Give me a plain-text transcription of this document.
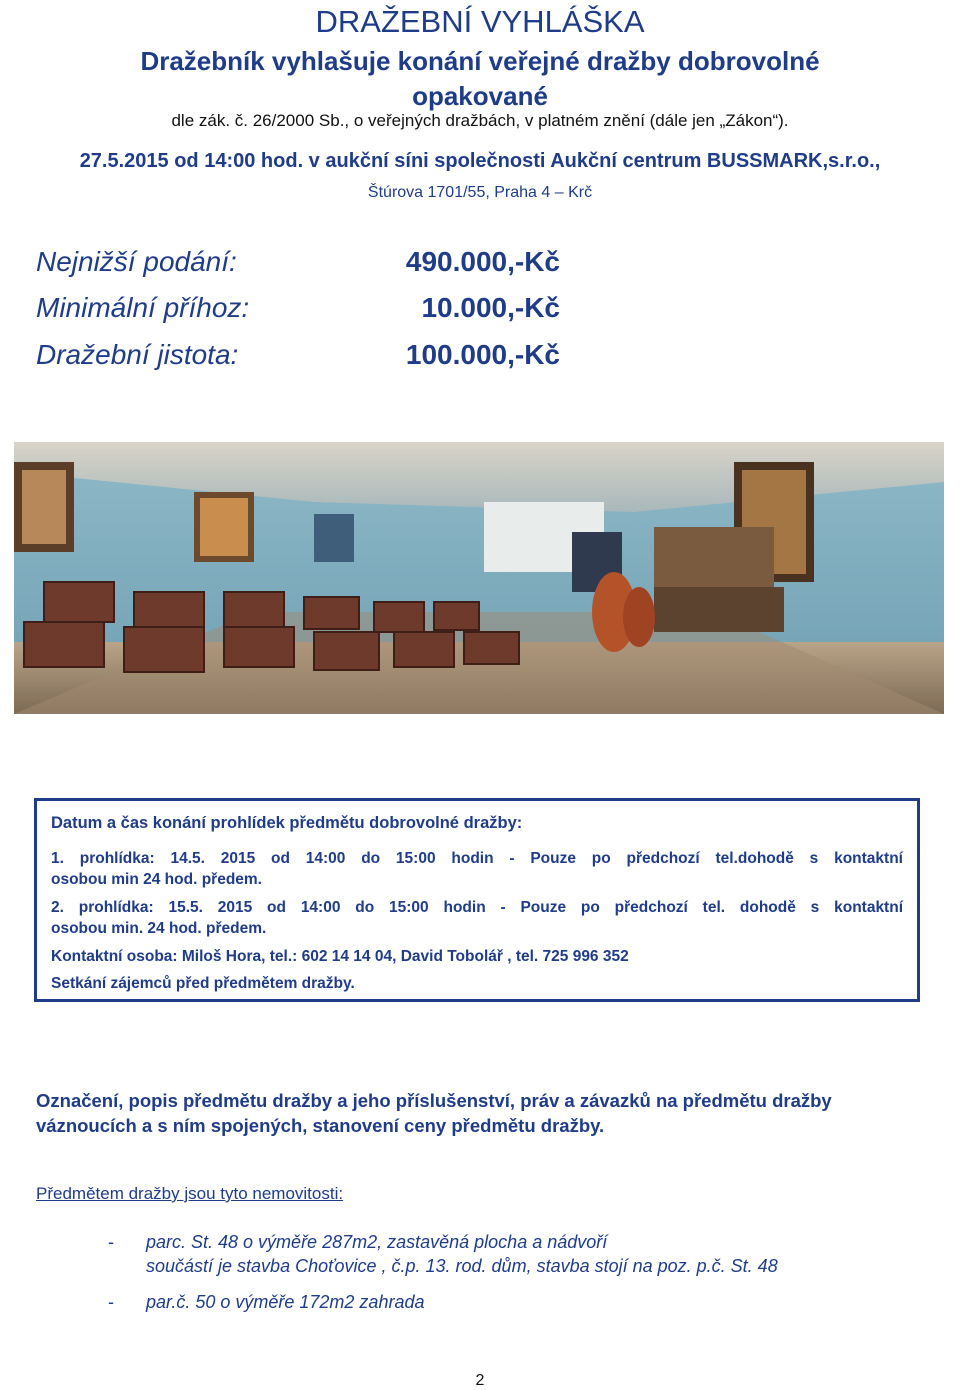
DRAŽEBNÍ VYHLÁŠKA
Dražebník vyhlašuje konání veřejné dražby dobrovolné
opakované
dle zák. č. 26/2000 Sb., o veřejných dražbách, v platném znění (dále jen „Zákon“).
27.5.2015 od 14:00 hod. v aukční síni společnosti Aukční centrum BUSSMARK,s.r.o.,
Štúrova 1701/55, Praha 4 – Krč
Nejnižší podání:	490.000,-Kč
Minimální příhoz:	10.000,-Kč
Dražební jistota:	100.000,-Kč
Datum a čas konání prohlídek předmětu dobrovolné dražby:
1. prohlídka: 14.5. 2015 od 14:00 do 15:00 hodin - Pouze po předchozí tel.dohodě s kontaktní
osobou min 24 hod. předem.
2. prohlídka: 15.5. 2015 od 14:00 do 15:00 hodin - Pouze po předchozí tel. dohodě s kontaktní
osobou min. 24 hod. předem.
Kontaktní osoba: Miloš Hora, tel.: 602 14 14 04, David Tobolář , tel. 725 996 352
Setkání zájemců před předmětem dražby.
Označení, popis předmětu dražby a jeho příslušenství, práv a závazků na předmětu dražby váznoucích a s ním spojených, stanovení ceny předmětu dražby.
Předmětem dražby jsou tyto nemovitosti:
- parc. St. 48 o výměře 287m2, zastavěná plocha a nádvoří
součástí je stavba Choťovice , č.p. 13. rod. dům, stavba stojí na poz. p.č. St. 48
- par.č. 50 o výměře 172m2 zahrada
2
